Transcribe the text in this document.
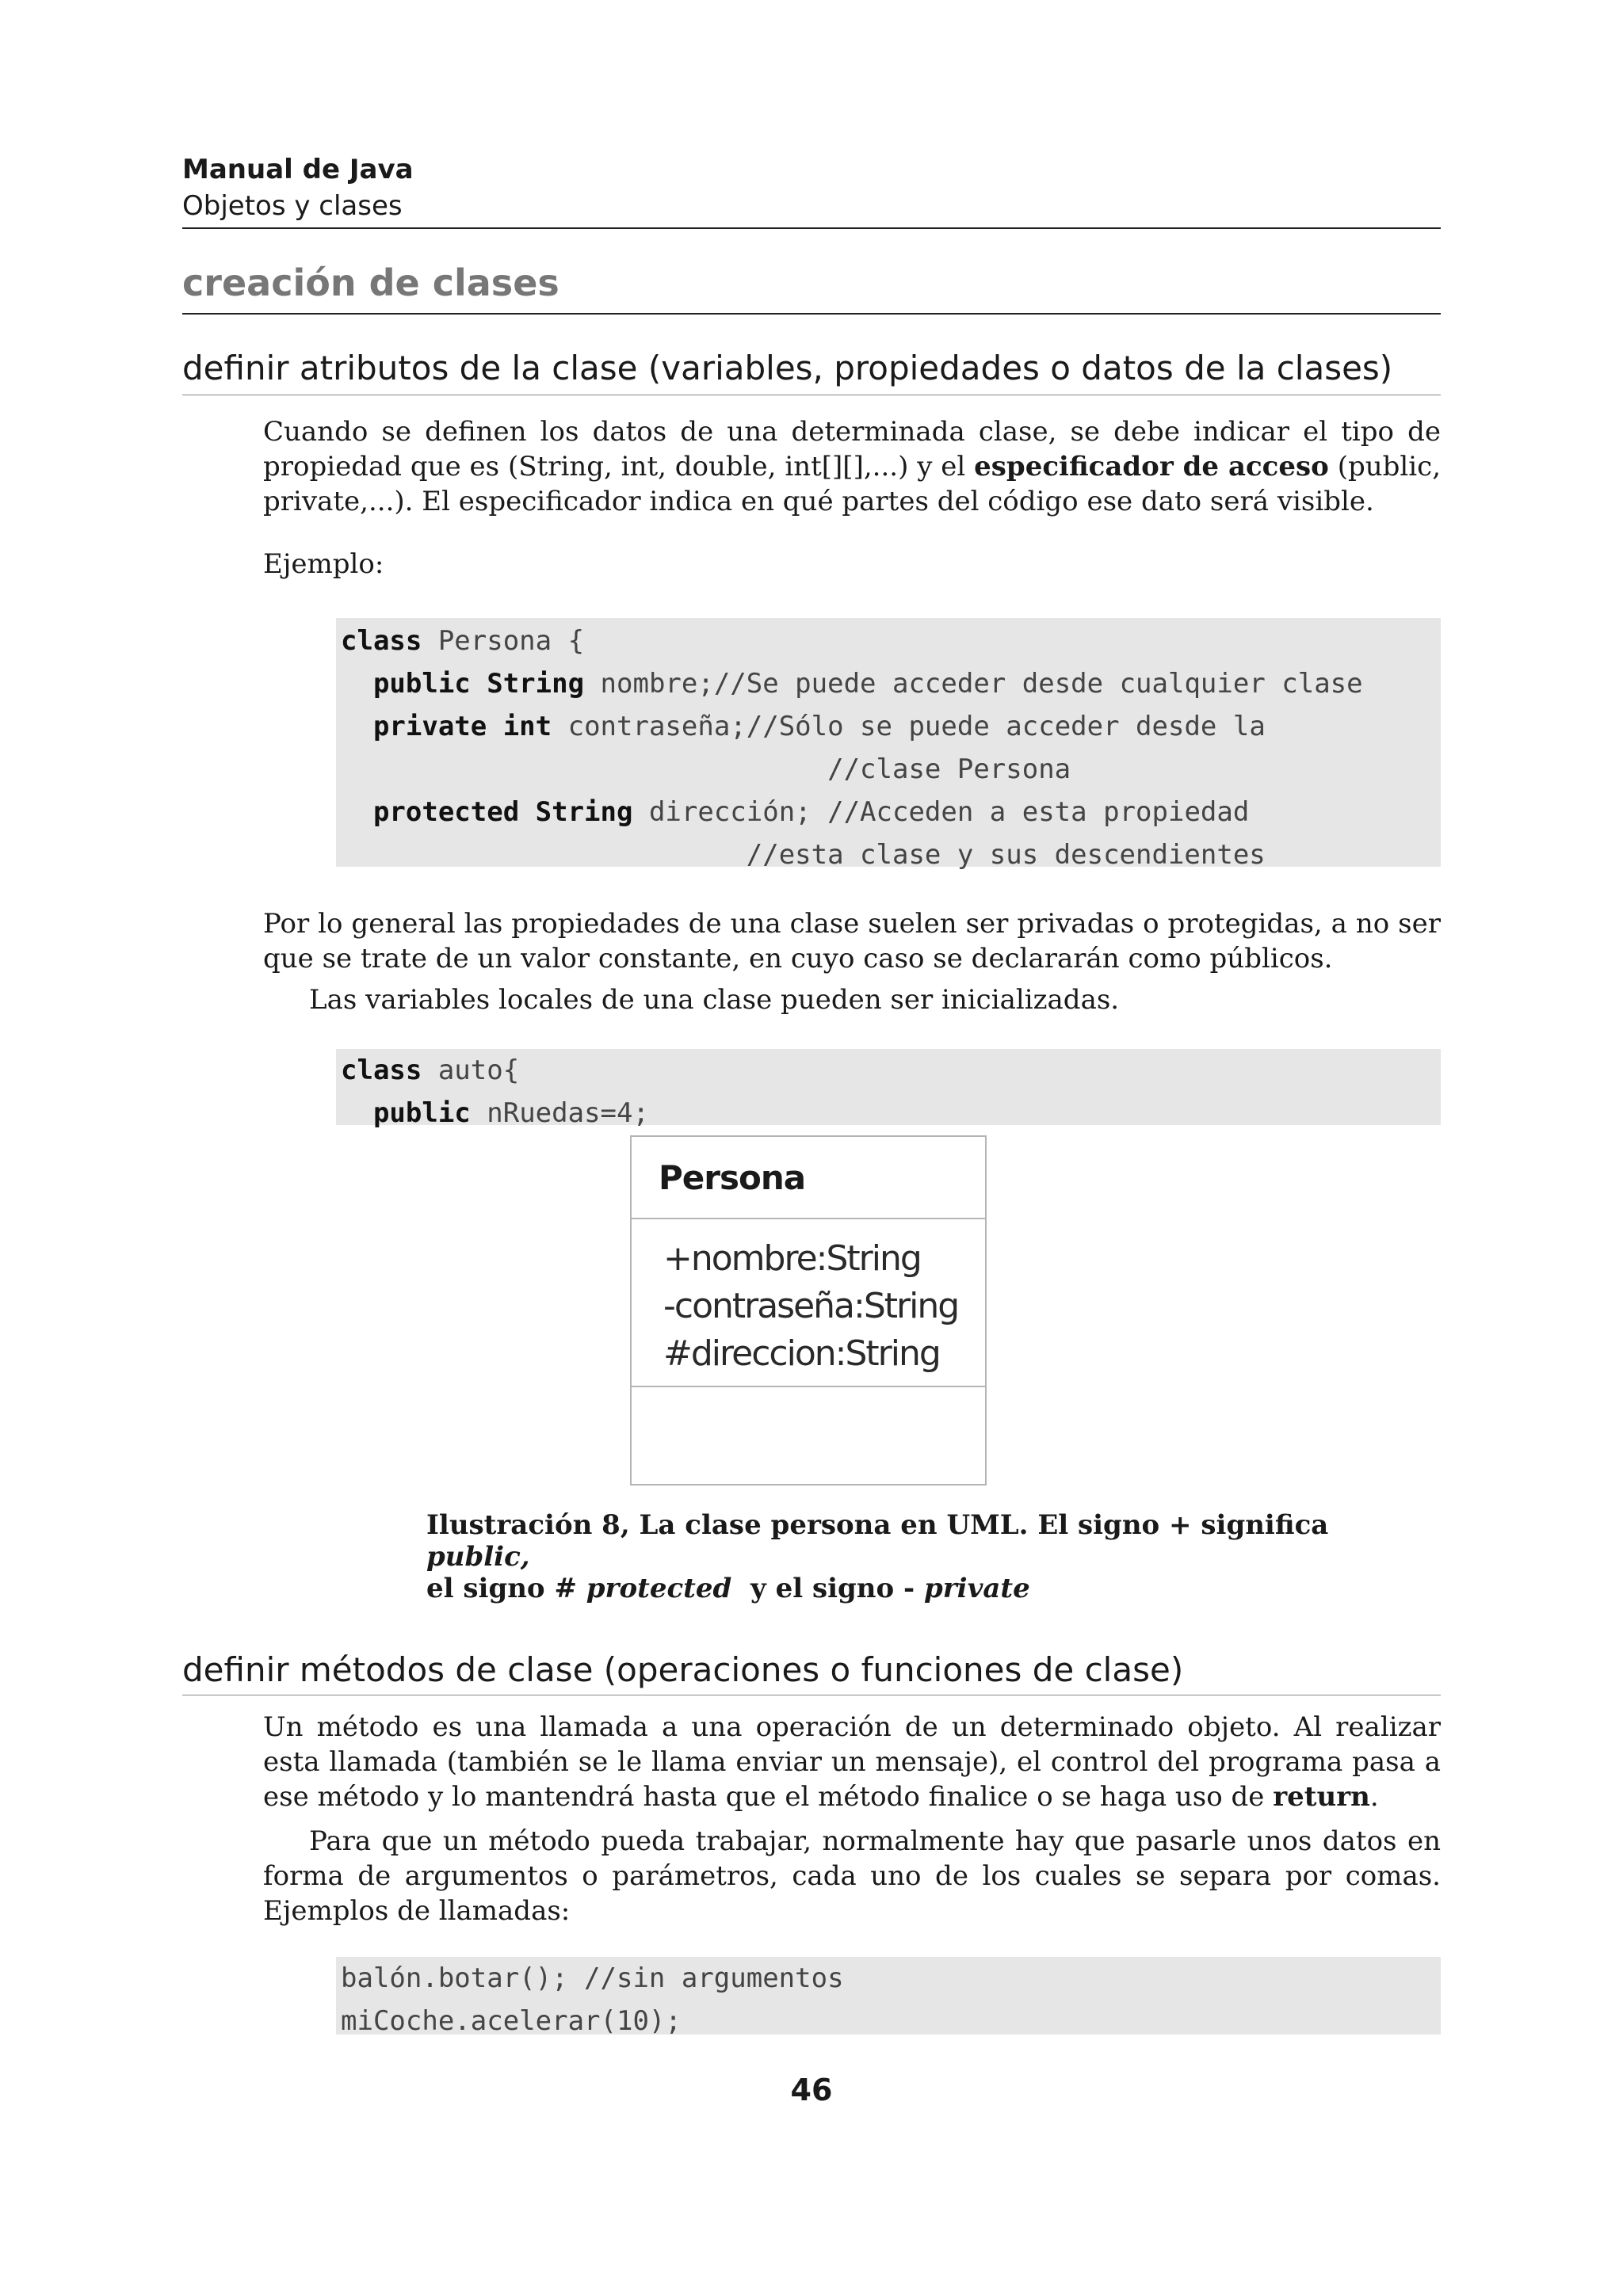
Manual de Java
Objetos y clases
creación de clases
definir atributos de la clase (variables, propiedades o datos de la clases)
Cuando se definen los datos de una determinada clase, se debe indicar el tipo de propiedad que es (String, int, double, int[][],...) y el especificador de acceso (public, private,...). El especificador indica en qué partes del código ese dato será visible.
Ejemplo:
class Persona {
public String nombre;//Se puede acceder desde cualquier clase
private int contraseña;//Sólo se puede acceder desde la
//clase Persona
protected String dirección; //Acceden a esta propiedad
//esta clase y sus descendientes
Por lo general las propiedades de una clase suelen ser privadas o protegidas, a no ser que se trate de un valor constante, en cuyo caso se declararán como públicos.
Las variables locales de una clase pueden ser inicializadas.
class auto{
public nRuedas=4;
Persona
+nombre:String
-contraseña:String
#direccion:String
Ilustración 8, La clase persona en UML. El signo + significa public,
el signo # protected  y el signo - private
definir métodos de clase (operaciones o funciones de clase)
Un método es una llamada a una operación de un determinado objeto. Al realizar esta llamada (también se le llama enviar un mensaje), el control del programa pasa a ese método y lo mantendrá hasta que el método finalice o se haga uso de return.
Para que un método pueda trabajar, normalmente hay que pasarle unos datos en forma de argumentos o parámetros, cada uno de los cuales se separa por comas. Ejemplos de llamadas:
balón.botar(); //sin argumentos
miCoche.acelerar(10);
46
